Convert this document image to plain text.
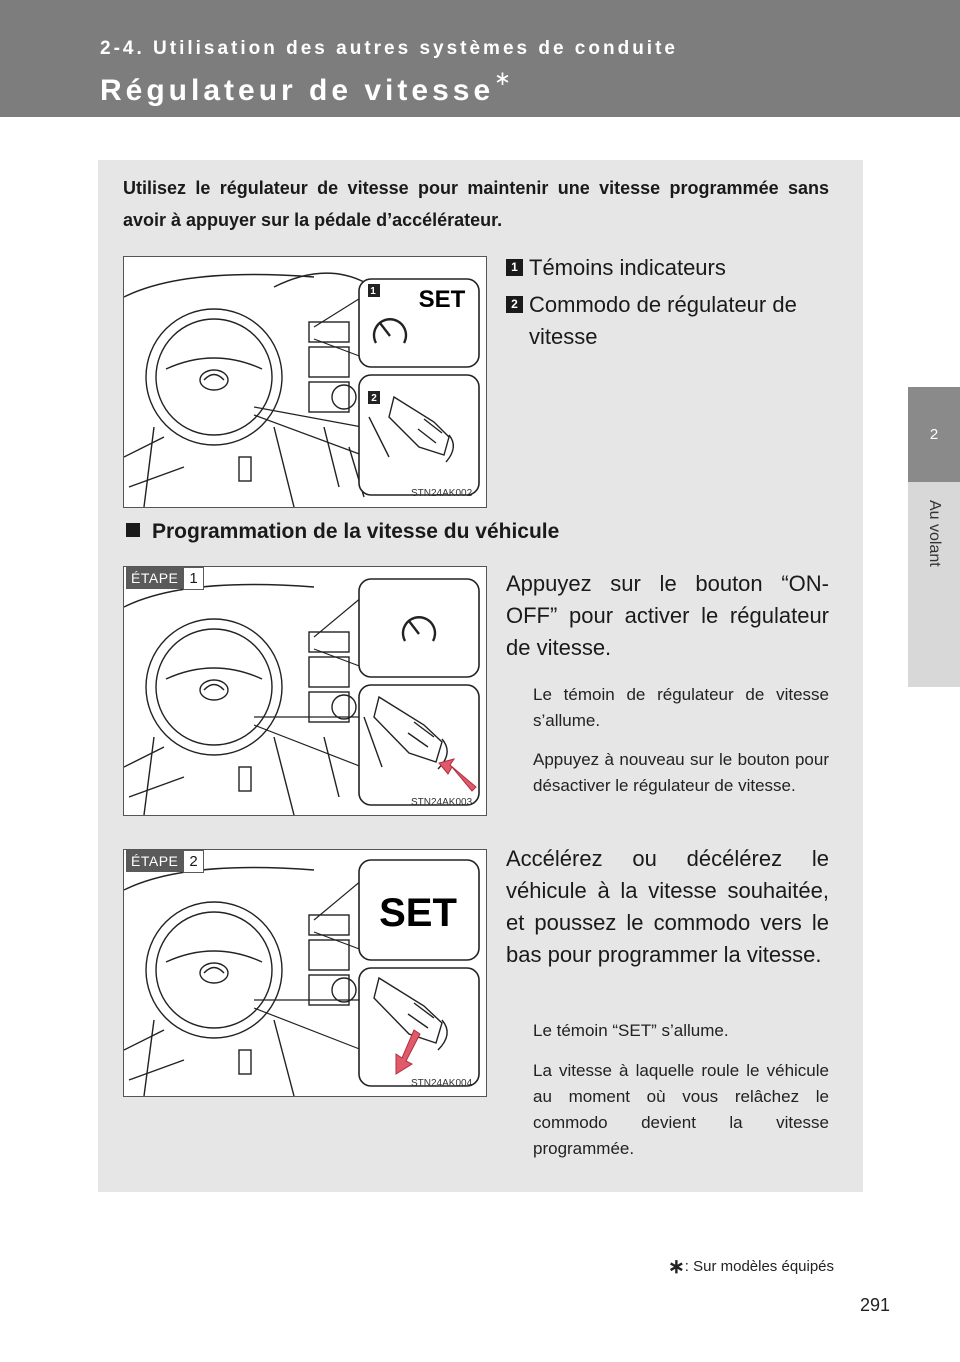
2-4. Utilisation des autres systèmes de conduite
Régulateur de vitesse∗
2
Au volant
Utilisez le régulateur de vitesse pour maintenir une vitesse programmée sans avoir à appuyer sur la pédale d’accélérateur.
1 SET
2
STN24AK002
1 Témoins indicateurs
2 Commodo de régulateur de vitesse
Programmation de la vitesse du véhicule
STN24AK003
ÉTAPE 1	Appuyez sur le bouton “ON-OFF” pour activer le régulateur de vitesse.
Le témoin de régulateur de vitesse s’allume.
Appuyez à nouveau sur le bouton pour désactiver le régulateur de vitesse.
SET
STN24AK004
ÉTAPE 2	Accélérez ou décélérez le véhicule à la vitesse souhaitée, et poussez le commodo vers le bas pour programmer la vitesse.
Le témoin “SET” s’allume.
La vitesse à laquelle roule le véhicule au moment où vous relâchez le commodo devient la vitesse programmée.
∗: Sur modèles équipés
291
